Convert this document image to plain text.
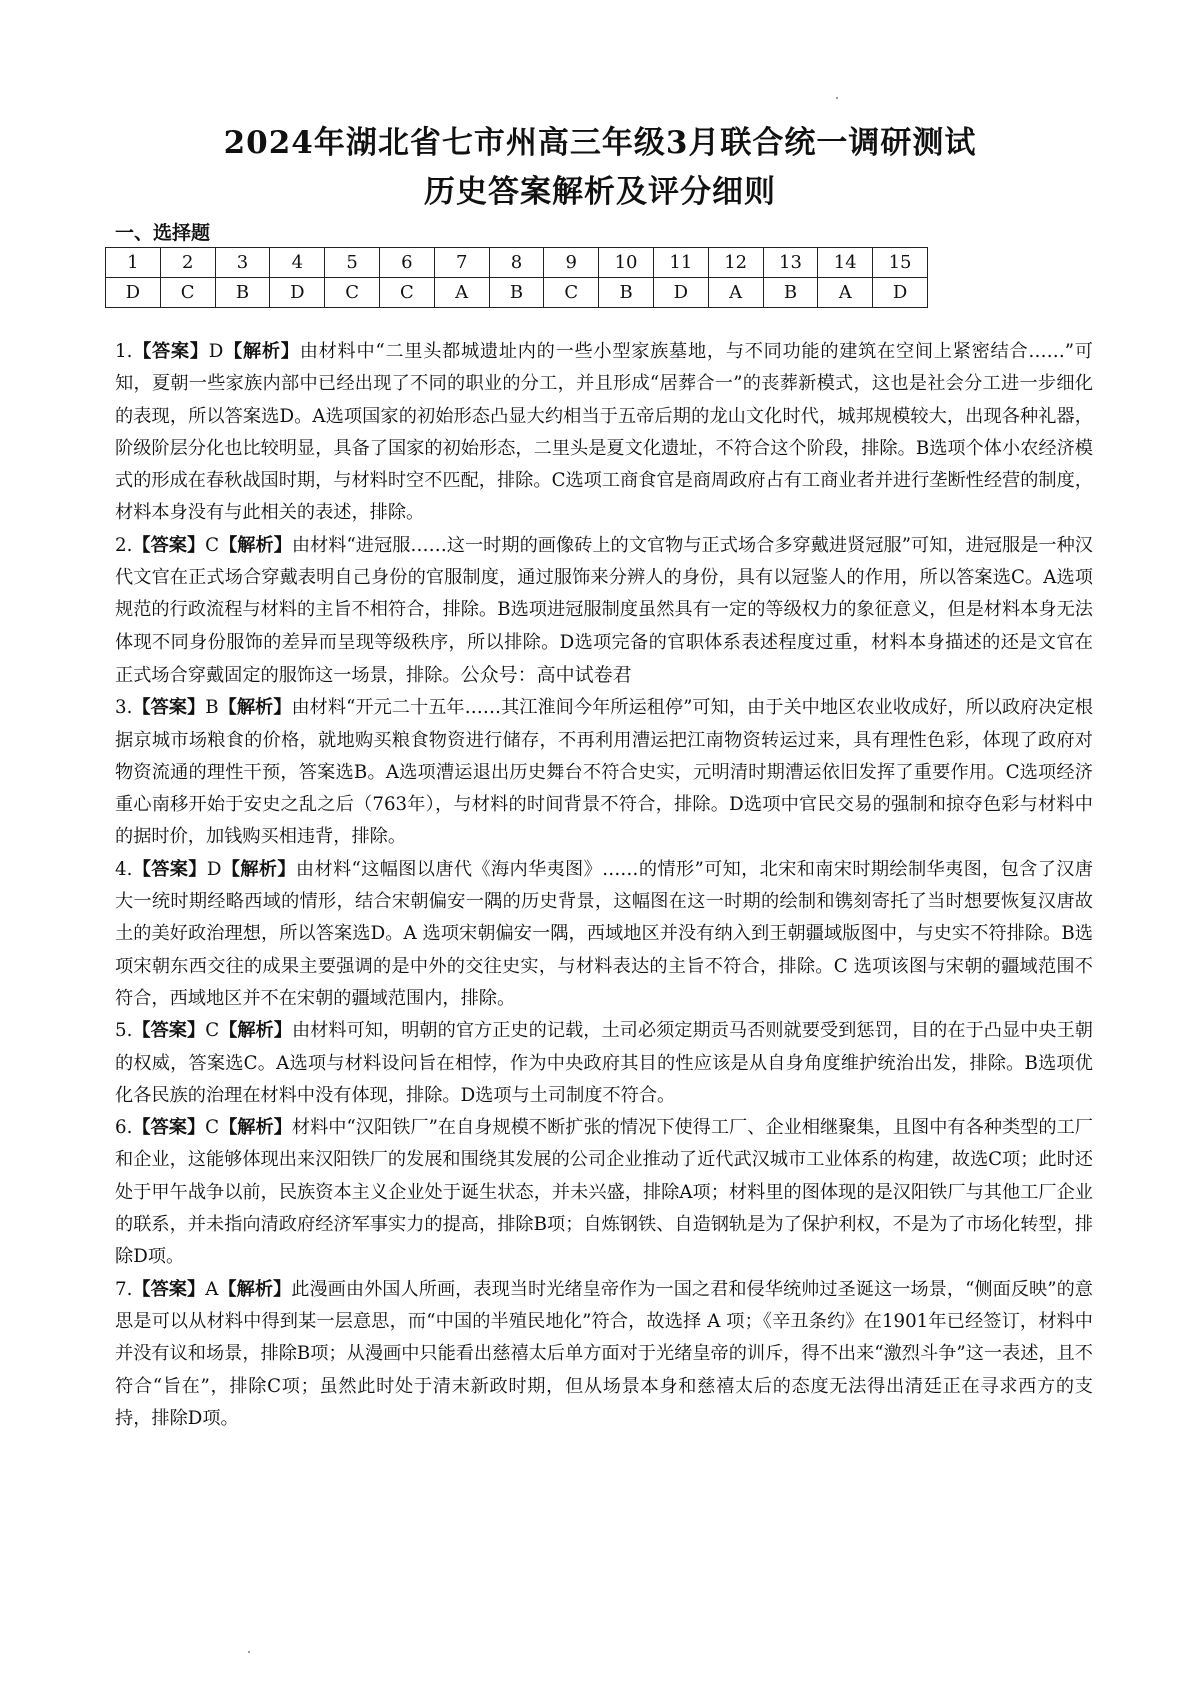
2024年湖北省七市州高三年级3月联合统一调研测试
历史答案解析及评分细则
一、选择题
1	2	3	4	5	6	7	8	9	10	11	12	13	14	15
D	C	B	D	C	C	A	B	C	B	D	A	B	A	D

1.【答案】D【解析】由材料中“二里头都城遗址内的一些小型家族墓地，与不同功能的建筑在空间上紧密结合……”可知，夏朝一些家族内部中已经出现了不同的职业的分工，并且形成“居葬合一”的丧葬新模式，这也是社会分工进一步细化的表现，所以答案选D。A选项国家的初始形态凸显大约相当于五帝后期的龙山文化时代，城邦规模较大，出现各种礼器，阶级阶层分化也比较明显，具备了国家的初始形态，二里头是夏文化遗址，不符合这个阶段，排除。B选项个体小农经济模式的形成在春秋战国时期，与材料时空不匹配，排除。C选项工商食官是商周政府占有工商业者并进行垄断性经营的制度，材料本身没有与此相关的表述，排除。

2.【答案】C【解析】由材料“进冠服……这一时期的画像砖上的文官物与正式场合多穿戴进贤冠服”可知，进冠服是一种汉代文官在正式场合穿戴表明自己身份的官服制度，通过服饰来分辨人的身份，具有以冠鉴人的作用，所以答案选C。A选项规范的行政流程与材料的主旨不相符合，排除。B选项进冠服制度虽然具有一定的等级权力的象征意义，但是材料本身无法体现不同身份服饰的差异而呈现等级秩序，所以排除。D选项完备的官职体系表述程度过重，材料本身描述的还是文官在正式场合穿戴固定的服饰这一场景，排除。公众号：高中试卷君

3.【答案】B【解析】由材料“开元二十五年……其江淮间今年所运租停”可知，由于关中地区农业收成好，所以政府决定根据京城市场粮食的价格，就地购买粮食物资进行储存，不再利用漕运把江南物资转运过来，具有理性色彩，体现了政府对物资流通的理性干预，答案选B。A选项漕运退出历史舞台不符合史实，元明清时期漕运依旧发挥了重要作用。C选项经济重心南移开始于安史之乱之后（763年），与材料的时间背景不符合，排除。D选项中官民交易的强制和掠夺色彩与材料中的据时价，加钱购买相违背，排除。

4.【答案】D【解析】由材料“这幅图以唐代《海内华夷图》……的情形”可知，北宋和南宋时期绘制华夷图，包含了汉唐大一统时期经略西域的情形，结合宋朝偏安一隅的历史背景，这幅图在这一时期的绘制和镌刻寄托了当时想要恢复汉唐故土的美好政治理想，所以答案选D。A 选项宋朝偏安一隅，西域地区并没有纳入到王朝疆域版图中，与史实不符排除。B选项宋朝东西交往的成果主要强调的是中外的交往史实，与材料表达的主旨不符合，排除。C 选项该图与宋朝的疆域范围不符合，西域地区并不在宋朝的疆域范围内，排除。

5.【答案】C【解析】由材料可知，明朝的官方正史的记载，土司必须定期贡马否则就要受到惩罚，目的在于凸显中央王朝的权威，答案选C。A选项与材料设问旨在相悖，作为中央政府其目的性应该是从自身角度维护统治出发，排除。B选项优化各民族的治理在材料中没有体现，排除。D选项与土司制度不符合。

6.【答案】C【解析】材料中“汉阳铁厂”在自身规模不断扩张的情况下使得工厂、企业相继聚集，且图中有各种类型的工厂和企业，这能够体现出来汉阳铁厂的发展和围绕其发展的公司企业推动了近代武汉城市工业体系的构建，故选C项；此时还处于甲午战争以前，民族资本主义企业处于诞生状态，并未兴盛，排除A项；材料里的图体现的是汉阳铁厂与其他工厂企业的联系，并未指向清政府经济军事实力的提高，排除B项；自炼钢铁、自造钢轨是为了保护利权，不是为了市场化转型，排除D项。

7.【答案】A【解析】此漫画由外国人所画，表现当时光绪皇帝作为一国之君和侵华统帅过圣诞这一场景，“侧面反映”的意思是可以从材料中得到某一层意思，而“中国的半殖民地化”符合，故选择 A 项；《辛丑条约》在1901年已经签订，材料中并没有议和场景，排除B项；从漫画中只能看出慈禧太后单方面对于光绪皇帝的训斥，得不出来“激烈斗争”这一表述，且不符合“旨在”，排除C项；虽然此时处于清末新政时期，但从场景本身和慈禧太后的态度无法得出清廷正在寻求西方的支持，排除D项。
